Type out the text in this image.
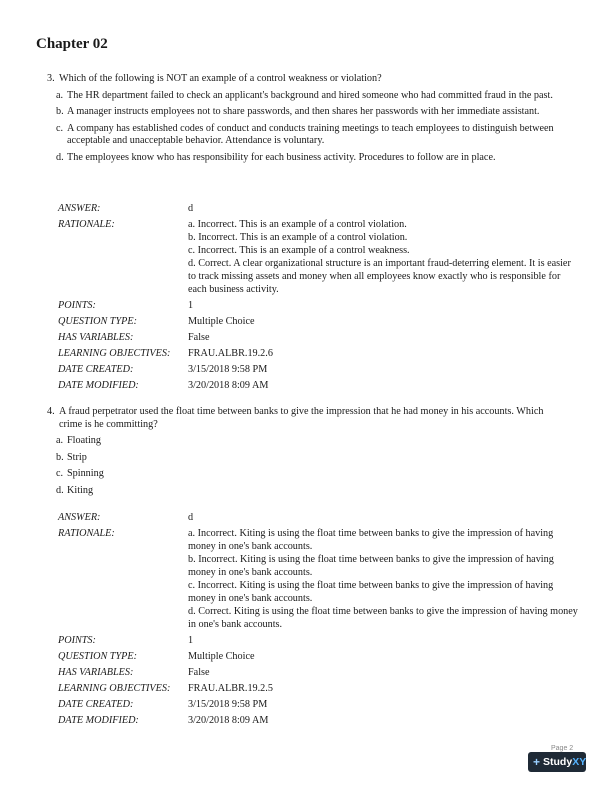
Chapter 02
3. Which of the following is NOT an example of a control weakness or violation?
a. The HR department failed to check an applicant's background and hired someone who had committed fraud in the past.
b. A manager instructs employees not to share passwords, and then shares her passwords with her immediate assistant.
c. A company has established codes of conduct and conducts training meetings to teach employees to distinguish between acceptable and unacceptable behavior. Attendance is voluntary.
d. The employees know who has responsibility for each business activity. Procedures to follow are in place.
ANSWER:	d
RATIONALE:	a. Incorrect. This is an example of a control violation.
b. Incorrect. This is an example of a control violation.
c. Incorrect. This is an example of a control weakness.
d. Correct. A clear organizational structure is an important fraud-deterring element. It is easier to track missing assets and money when all employees know exactly who is responsible for each business activity.
POINTS:	1
QUESTION TYPE:	Multiple Choice
HAS VARIABLES:	False
LEARNING OBJECTIVES:	FRAU.ALBR.19.2.6
DATE CREATED:	3/15/2018 9:58 PM
DATE MODIFIED:	3/20/2018 8:09 AM
4. A fraud perpetrator used the float time between banks to give the impression that he had money in his accounts. Which crime is he committing?
a. Floating
b. Strip
c. Spinning
d. Kiting
ANSWER:	d
RATIONALE:	a. Incorrect. Kiting is using the float time between banks to give the impression of having money in one's bank accounts.
b. Incorrect. Kiting is using the float time between banks to give the impression of having money in one's bank accounts.
c. Incorrect. Kiting is using the float time between banks to give the impression of having money in one's bank accounts.
d. Correct. Kiting is using the float time between banks to give the impression of having money in one's bank accounts.
POINTS:	1
QUESTION TYPE:	Multiple Choice
HAS VARIABLES:	False
LEARNING OBJECTIVES:	FRAU.ALBR.19.2.5
DATE CREATED:	3/15/2018 9:58 PM
DATE MODIFIED:	3/20/2018 8:09 AM
Page 2
+ Study XY
